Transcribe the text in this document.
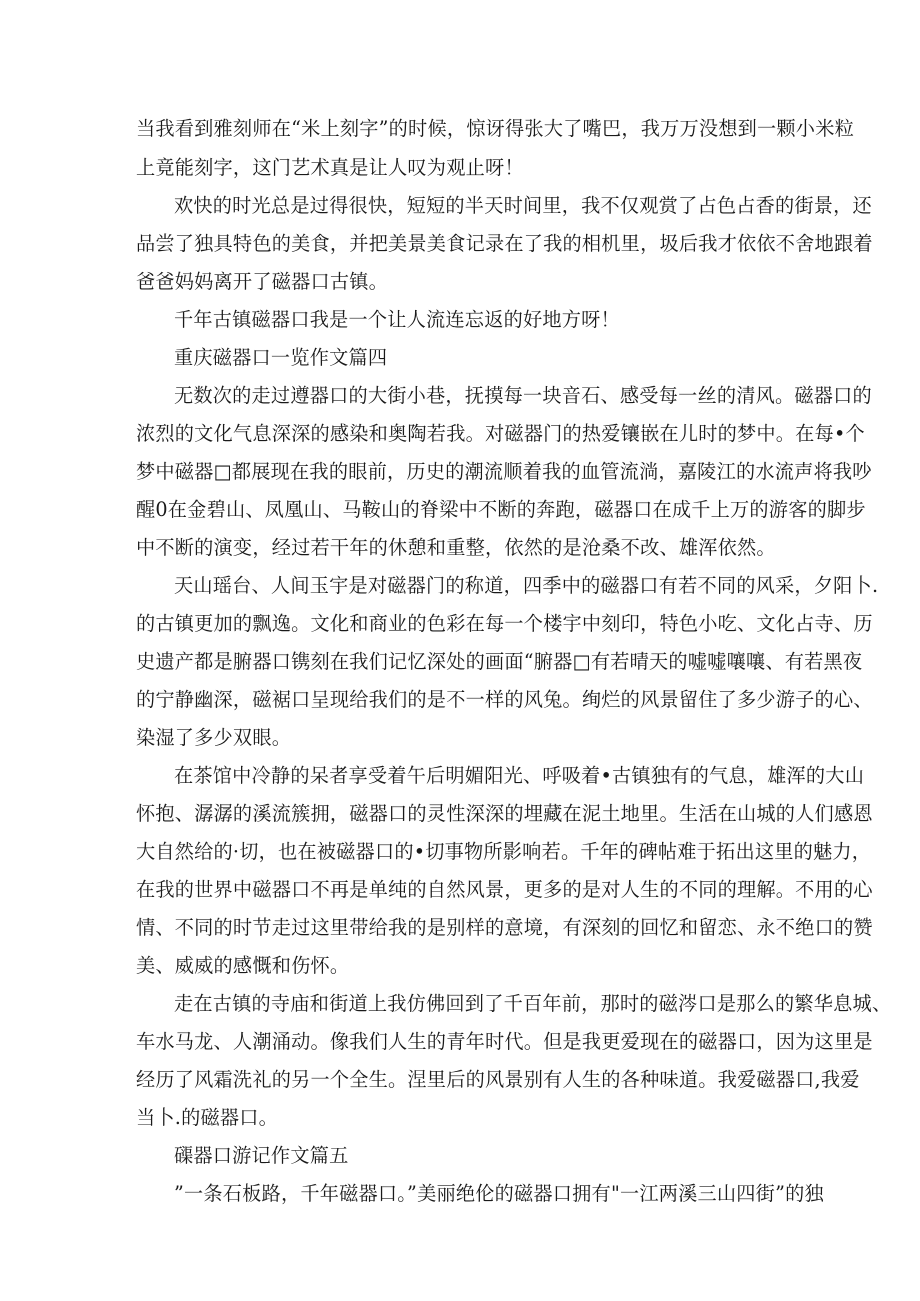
当我看到雅刻师在“米上刻字”的时候，惊讶得张大了嘴巴，我万万没想到一颗小米粒
上竟能刻字，这门艺术真是让人叹为观止呀！
欢快的时光总是过得很快，短短的半天时间里，我不仅观赏了占色占香的街景，还
品尝了独具特色的美食，并把美景美食记录在了我的相机里，圾后我才依依不舍地跟着
爸爸妈妈离开了磁器口古镇。
千年古镇磁器口我是一个让人流连忘返的好地方呀！
重庆磁器口一览作文篇四
无数次的走过遵器口的大街小巷，抚摸每一块音石、感受每一丝的清风。磁器口的
浓烈的文化气息深深的感染和奥陶若我。对磁器门的热爱镶嵌在儿时的梦中。在每•个
梦中磁器□都展现在我的眼前，历史的潮流顺着我的血管流淌，嘉陵江的水流声将我吵
醒0在金碧山、凤凰山、马鞍山的脊梁中不断的奔跑，磁器口在成千上万的游客的脚步
中不断的演变，经过若干年的休憩和重整，依然的是沧桑不改、雄浑依然。
天山瑶台、人间玉宇是对磁器门的称道，四季中的磁器口有若不同的风采，夕阳卜.
的古镇更加的飘逸。文化和商业的色彩在每一个楼宇中刻印，特色小吃、文化占寺、历
史遗产都是腑器口镌刻在我们记忆深处的画面“腑器□有若晴天的嘘嘘嚷嚷、有若黑夜
的宁静幽深，磁裾口呈现给我们的是不一样的风兔。绚烂的风景留住了多少游子的心、
染湿了多少双眼。
在茶馆中冷静的呆者享受着午后明媚阳光、呼吸着•古镇独有的气息，雄浑的大山
怀抱、潺潺的溪流簇拥，磁器口的灵性深深的埋藏在泥土地里。生活在山城的人们感恩
大自然给的·切，也在被磁器口的•切事物所影响若。千年的碑帖难于拓出这里的魅力，
在我的世界中磁器口不再是单纯的自然风景，更多的是对人生的不同的理解。不用的心
情、不同的时节走过这里带给我的是别样的意境，有深刻的回忆和留恋、永不绝口的赞
美、威威的感慨和伤怀。
走在古镇的寺庙和街道上我仿佛回到了千百年前，那时的磁涔口是那么的繁华息城、
车水马龙、人潮涌动。像我们人生的青年时代。但是我更爱现在的磁器口，因为这里是
经历了风霜洗礼的另一个全生。涅里后的风景别有人生的各种味道。我爱磁器口,我爱
当卜.的磁器口。
磲器口游记作文篇五
”一条石板路，千年磁器口。”美丽绝伦的磁器口拥有"一江两溪三山四街”的独
